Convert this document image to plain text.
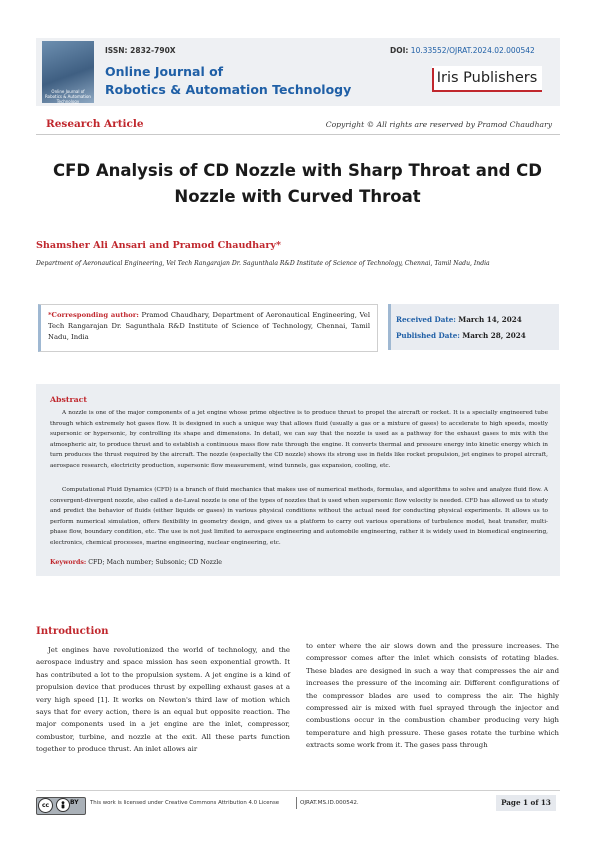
Online Journal of Robotics & Automation Technology
ISSN: 2832-790X
Online Journal of
Robotics & Automation Technology
DOI: 10.33552/OJRAT.2024.02.000542
Iris Publishers
Research Article	Copyright © All rights are reserved by Pramod Chaudhary
CFD Analysis of CD Nozzle with Sharp Throat and CD Nozzle with Curved Throat
Shamsher Ali Ansari and Pramod Chaudhary*
Department of Aeronautical Engineering, Vel Tech Rangarajan Dr. Sagunthala R&D Institute of Science of Technology, Chennai, Tamil Nadu, India
*Corresponding author: Pramod Chaudhary, Department of Aeronautical Engineering, Vel Tech Rangarajan Dr. Sagunthala R&D Institute of Science of Technology, Chennai, Tamil Nadu, India
Received Date: March 14, 2024
Published Date: March 28, 2024
Abstract
A nozzle is one of the major components of a jet engine whose prime objective is to produce thrust to propel the aircraft or rocket. It is a specially engineered tube through which extremely hot gases flow. It is designed in such a unique way that allows fluid (usually a gas or a mixture of gases) to accelerate to high speeds, mostly supersonic or hypersonic, by controlling its shape and dimensions. In detail, we can say that the nozzle is used as a pathway for the exhaust gases to mix with the atmospheric air, to produce thrust and to establish a continuous mass flow rate through the engine. It converts thermal and pressure energy into kinetic energy which in turn produces the thrust required by the aircraft. The nozzle (especially the CD nozzle) shows its strong use in fields like rocket propulsion, jet engines to propel aircraft, aerospace research, electricity production, supersonic flow measurement, wind tunnels, gas expansion, cooling, etc.
Computational Fluid Dynamics (CFD) is a branch of fluid mechanics that makes use of numerical methods, formulas, and algorithms to solve and analyze fluid flow. A convergent-divergent nozzle, also called a de-Laval nozzle is one of the types of nozzles that is used when supersonic flow velocity is needed. CFD has allowed us to study and predict the behavior of fluids (either liquids or gases) in various physical conditions without the actual need for conducting physical experiments. It allows us to perform numerical simulation, offers flexibility in geometry design, and gives us a platform to carry out various operations of turbulence model, heat transfer, multi-phase flow, boundary condition, etc. The use is not just limited to aerospace engineering and automobile engineering, rather it is widely used in biomedical engineering, electronics, chemical processes, marine engineering, nuclear engineering, etc.
Keywords: CFD; Mach number; Subsonic; CD Nozzle
Introduction
Jet engines have revolutionized the world of technology, and the aerospace industry and space mission has seen exponential growth. It has contributed a lot to the propulsion system. A jet engine is a kind of propulsion device that produces thrust by expelling exhaust gases at a very high speed [1]. It works on Newton's third law of motion which says that for every action, there is an equal but opposite reaction. The major components used in a jet engine are the inlet, compressor, combustor, turbine, and nozzle at the exit. All these parts function together to produce thrust. An inlet allows air
to enter where the air slows down and the pressure increases. The compressor comes after the inlet which consists of rotating blades. These blades are designed in such a way that compresses the air and increases the pressure of the incoming air. Different configurations of the compressor blades are used to compress the air. The highly compressed air is mixed with fuel sprayed through the injector and combustions occur in the combustion chamber producing very high temperature and high pressure. These gases rotate the turbine which extracts some work from it. The gases pass through
cc	BY This work is licensed under Creative Commons Attribution 4.0 License	OJRAT.MS.ID.000542.	Page 1 of 13
